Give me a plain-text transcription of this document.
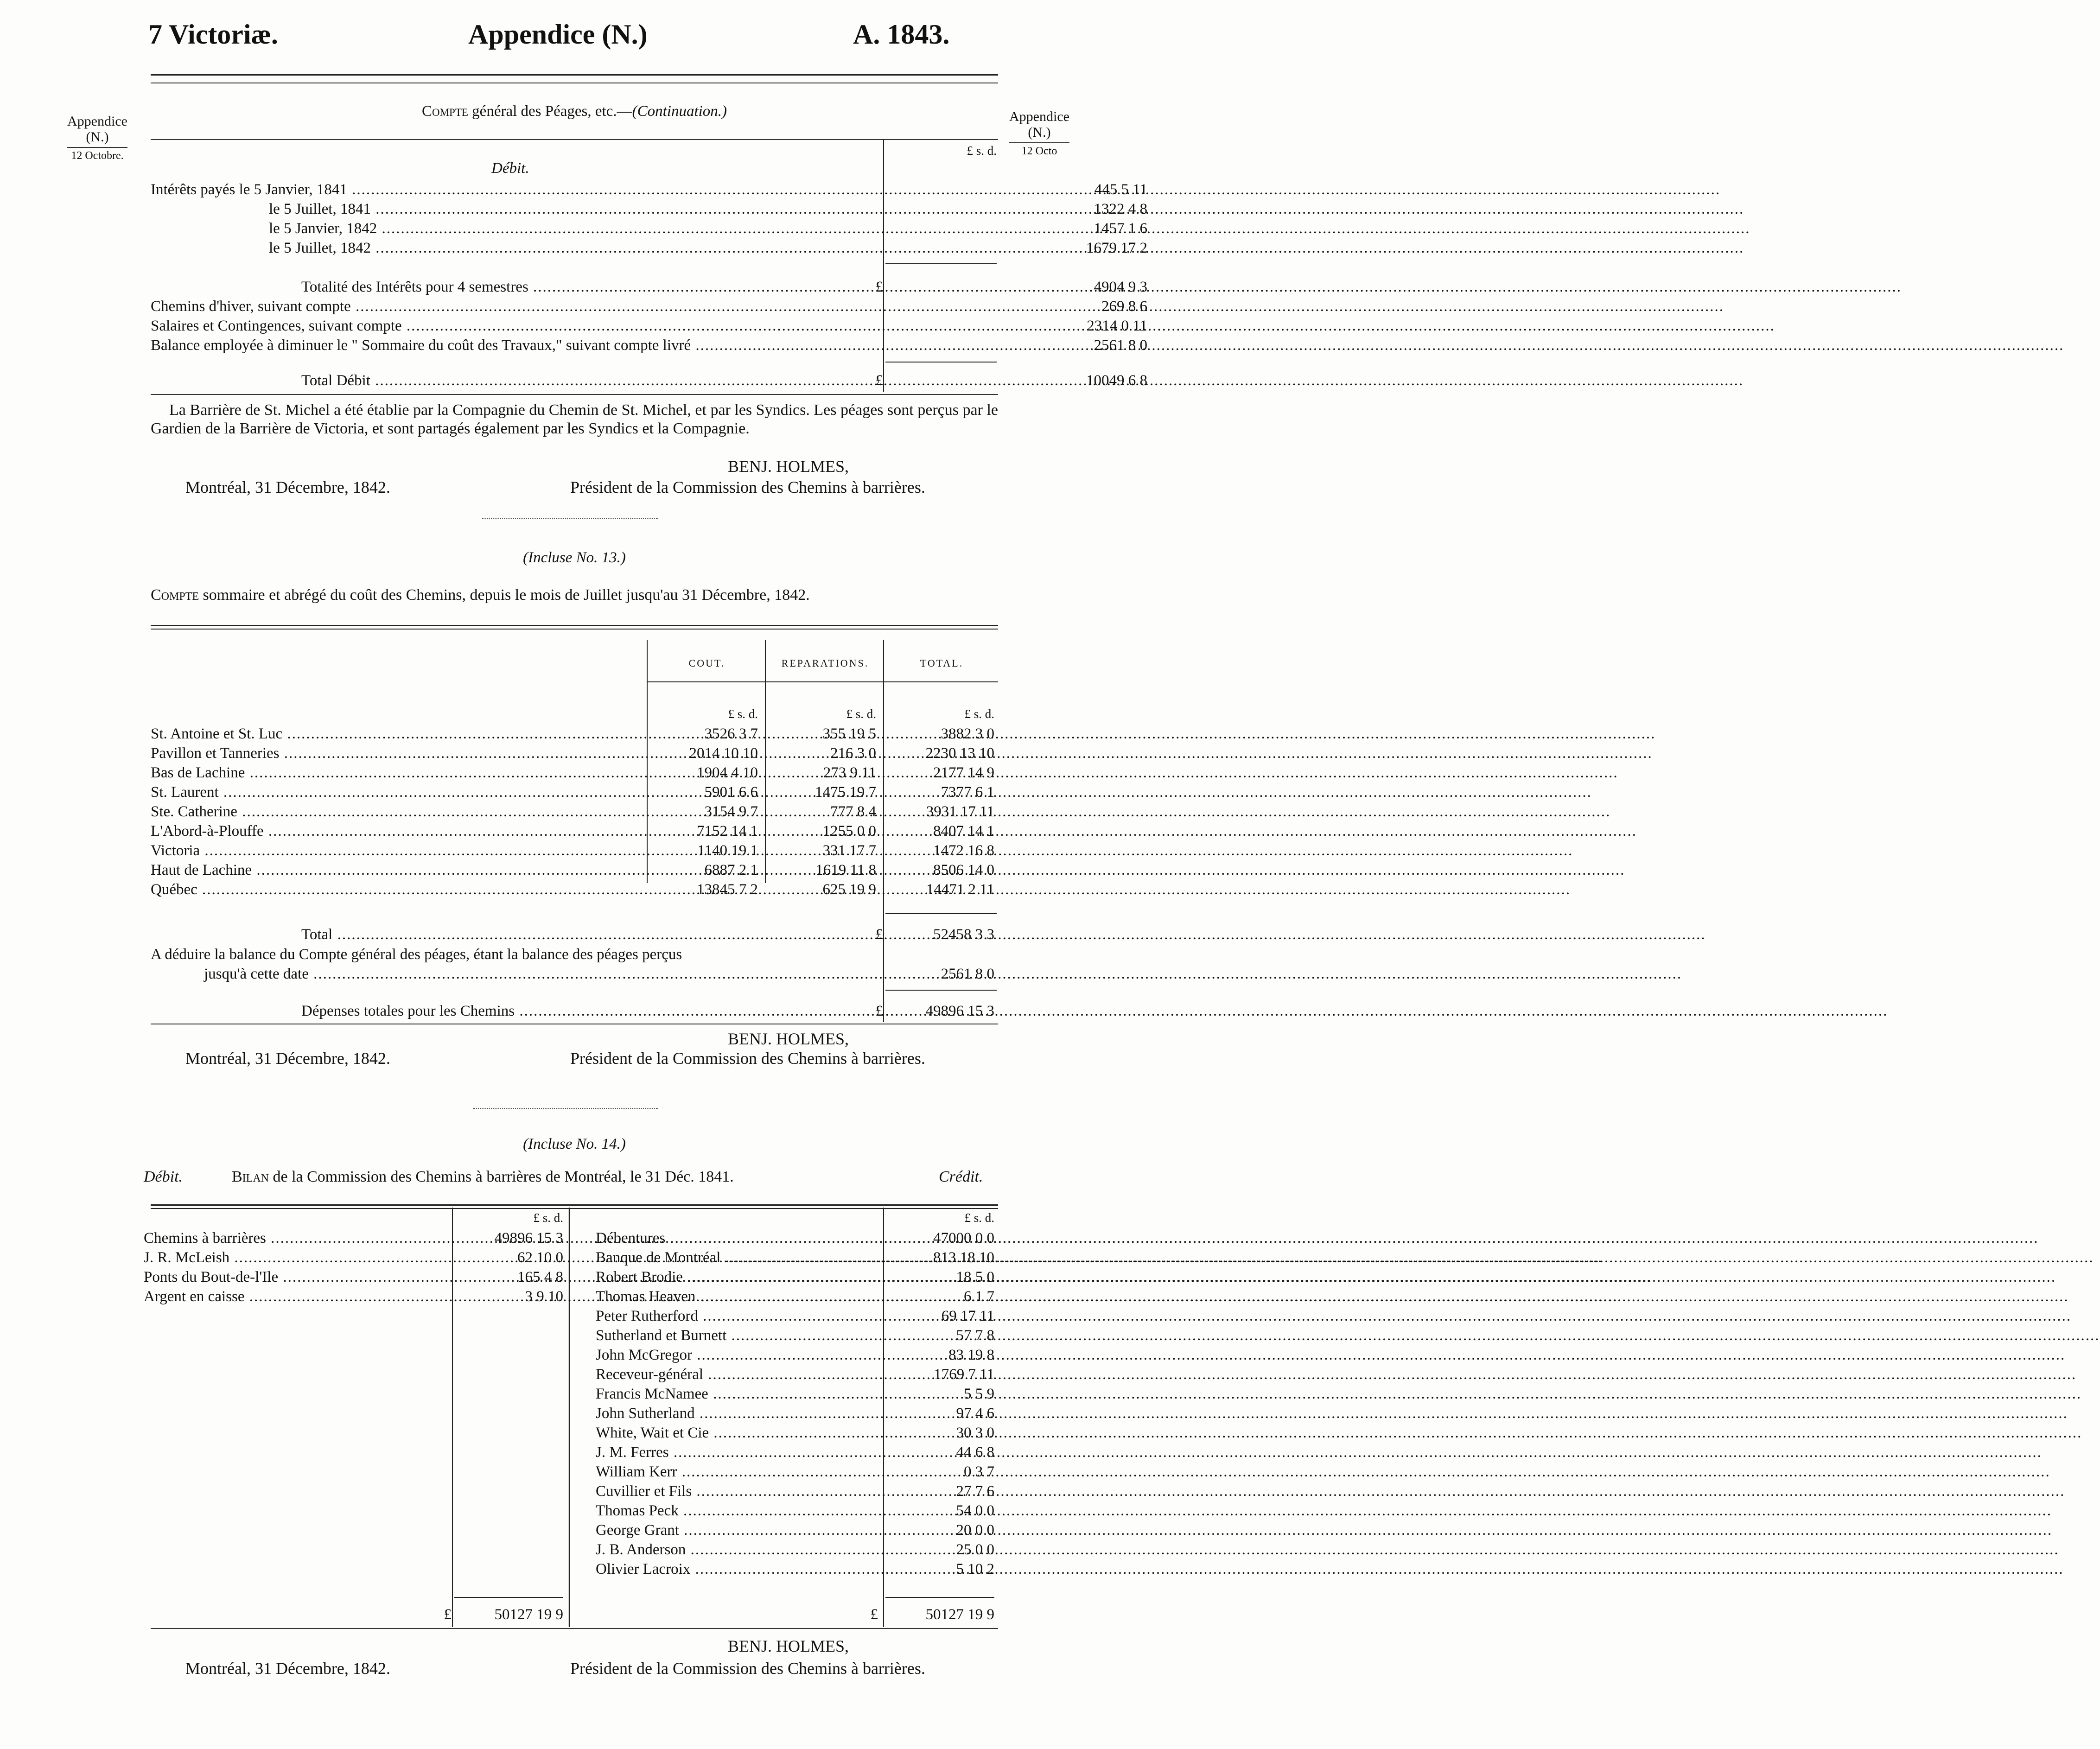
7 Victoriæ.	Appendice (N.)	A. 1843.
Appendice
(N.)
12 Octobre.
Appendice
(N.)
12 Octo
Compte général des Péages, etc.—(Continuation.)
£ s. d.
Débit.
Intérêts payés le 5 Janvier, 1841 .....	445 5 11
le 5 Juillet, 1841 .....	1322 4 8
le 5 Janvier, 1842 .....	1457 1 6
le 5 Juillet, 1842 .....	1679 17 2
Totalité des Intérêts pour 4 semestres .....	£	4904 9 3
Chemins d'hiver, suivant compte .....	269 8 6
Salaires et Contingences, suivant compte .....	2314 0 11
Balance employée à diminuer le " Sommaire du coût des Travaux," suivant compte livré .....	2561 8 0
Total Débit .....	£	10049 6 8
La Barrière de St. Michel a été établie par la Compagnie du Chemin de St. Michel, et par les Syndics. Les péages sont perçus par le Gardien de la Barrière de Victoria, et sont partagés également par les Syndics et la Compagnie.
BENJ. HOLMES,
Montréal, 31 Décembre, 1842.	Président de la Commission des Chemins à barrières.
(Incluse No. 13.)
Compte sommaire et abrégé du coût des Chemins, depuis le mois de Juillet jusqu'au 31 Décembre, 1842.
COUT.	REPARATIONS.	TOTAL.
£ s. d.	£ s. d.	£ s. d.
St. Antoine et St. Luc .....	3526 3 7	355 19 5	3882 3 0
Pavillon et Tanneries .....	2014 10 10	216 3 0	2230 13 10
Bas de Lachine .....	1904 4 10	273 9 11	2177 14 9
St. Laurent .....	5901 6 6	1475 19 7	7377 6 1
Ste. Catherine .....	3154 9 7	777 8 4	3931 17 11
L'Abord-à-Plouffe .....	7152 14 1	1255 0 0	8407 14 1
Victoria .....	1140 19 1	331 17 7	1472 16 8
Haut de Lachine .....	6887 2 1	1619 11 8	8506 14 0
Québec .....	13845 7 2	625 19 9	14471 2 11
Total .....	£	52458 3 3
A déduire la balance du Compte général des péages, étant la balance des péages perçus
jusqu'à cette date .....	2561 8 0
Dépenses totales pour les Chemins .....	£	49896 15 3
BENJ. HOLMES,
Montréal, 31 Décembre, 1842.	Président de la Commission des Chemins à barrières.
(Incluse No. 14.)
Débit.	Bilan de la Commission des Chemins à barrières de Montréal, le 31 Déc. 1841.	Crédit.
£ s. d.	£ s. d.
Chemins à barrières .....	49896 15 3
J. R. McLeish .....	62 10 0
Ponts du Bout-de-l'Ile .....	165 4 8
Argent en caisse .....	3 9 10
Débentures .....	47000 0 0
Banque de Montréal .....	813 18 10
Robert Brodie .....	18 5 0
Thomas Heaven .....	6 1 7
Peter Rutherford .....	69 17 11
Sutherland et Burnett .....	57 7 8
John McGregor .....	83 19 8
Receveur-général .....	1769 7 11
Francis McNamee .....	5 5 9
John Sutherland .....	97 4 6
White, Wait et Cie .....	30 3 0
J. M. Ferres .....	44 6 8
William Kerr .....	0 3 7
Cuvillier et Fils .....	27 7 6
Thomas Peck .....	54 0 0
George Grant .....	20 0 0
J. B. Anderson .....	25 0 0
Olivier Lacroix .....	5 10 2
£	50127 19 9	£	50127 19 9
BENJ. HOLMES,
Montréal, 31 Décembre, 1842.	Président de la Commission des Chemins à barrières.
